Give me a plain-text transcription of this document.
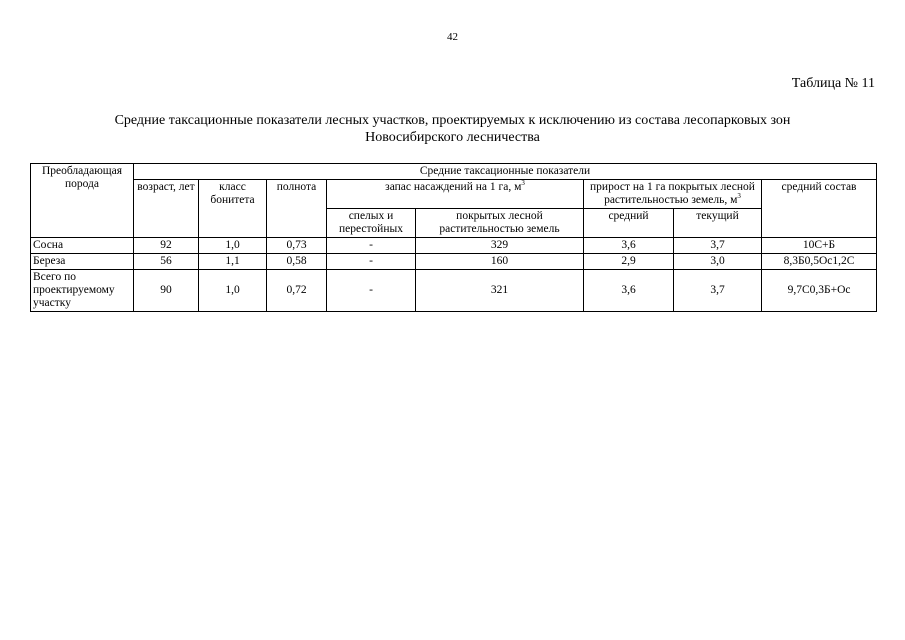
42
Таблица № 11
Средние таксационные показатели лесных участков, проектируемых к исключению из состава лесопарковых зон
Новосибирского лесничества
Преобладающая порода	Средние таксационные показатели							
	возраст, лет	класс бонитета	полнота	запас насаждений на 1 га, $м^3$		прирост на 1 га покрытых лесной растительностью земель, $м^3$		средний состав
				спелых и перестойных	покрытых лесной растительностью земель	средний	текущий	
Сосна	92	1,0	0,73	-	329	3,6	3,7	10С+Б
Береза	56	1,1	0,58	-	160	2,9	3,0	8,3Б0,5Ос1,2С
Всего по проектируемому участку	90	1,0	0,72	-	321	3,6	3,7	9,7С0,3Б+Ос
